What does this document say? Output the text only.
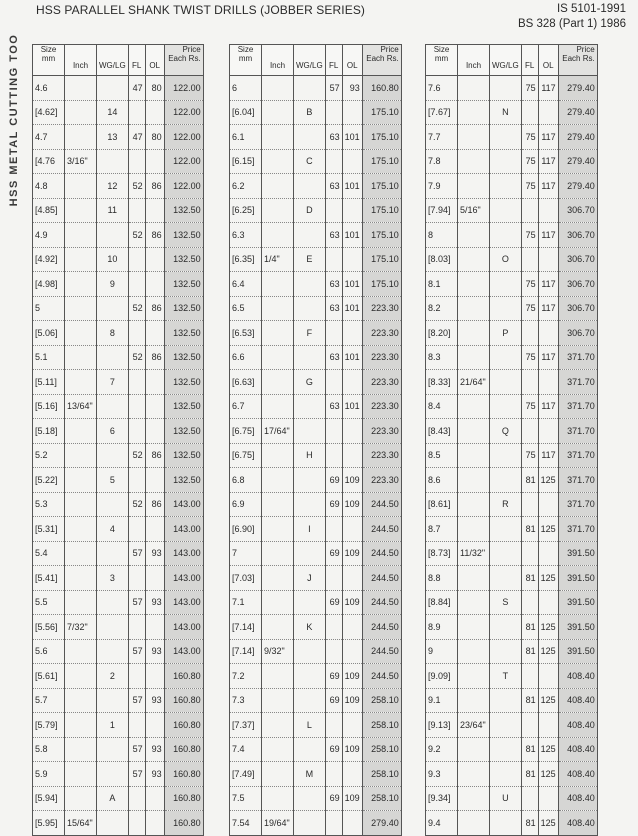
HSS METAL CUTTING TOO
HSS PARALLEL SHANK TWIST DRILLS (JOBBER SERIES)	IS 5101-1991
BS 328 (Part 1) 1986
Size
mm	Inch	WG/LG	FL	OL	Price
Each Rs.

4.6			47	80	122.00
[4.62]		14			122.00
4.7		13	47	80	122.00
[4.76	3/16"				122.00
4.8		12	52	86	122.00
[4.85]		11			132.50
4.9			52	86	132.50
[4.92]		10			132.50
[4.98]		9			132.50
5			52	86	132.50
[5.06]		8			132.50
5.1			52	86	132.50
[5.11]		7			132.50
[5.16]	13/64"				132.50
[5.18]		6			132.50
5.2			52	86	132.50
[5.22]		5			132.50
5.3			52	86	143.00
[5.31]		4			143.00
5.4			57	93	143.00
[5.41]		3			143.00
5.5			57	93	143.00
[5.56]	7/32"				143.00
5.6			57	93	143.00
[5.61]		2			160.80
5.7			57	93	160.80
[5.79]		1			160.80
5.8			57	93	160.80
5.9			57	93	160.80
[5.94]		A			160.80
[5.95]	15/64"				160.80
Size
mm	Inch	WG/LG	FL	OL	Price
Each Rs.

6			57	93	160.80
[6.04]		B			175.10
6.1			63	101	175.10
[6.15]		C			175.10
6.2			63	101	175.10
[6.25]		D			175.10
6.3			63	101	175.10
[6.35]	1/4"	E			175.10
6.4			63	101	175.10
6.5			63	101	223.30
[6.53]		F			223.30
6.6			63	101	223.30
[6.63]		G			223.30
6.7			63	101	223.30
[6.75]	17/64"				223.30
[6.75]		H			223.30
6.8			69	109	223.30
6.9			69	109	244.50
[6.90]		I			244.50
7			69	109	244.50
[7.03]		J			244.50
7.1			69	109	244.50
[7.14]		K			244.50
[7.14]	9/32"				244.50
7.2			69	109	244.50
7.3			69	109	258.10
[7.37]		L			258.10
7.4			69	109	258.10
[7.49]		M			258.10
7.5			69	109	258.10
7.54	19/64"				279.40
Size
mm	Inch	WG/LG	FL	OL	Price
Each Rs.

7.6			75	117	279.40
[7.67]		N			279.40
7.7			75	117	279.40
7.8			75	117	279.40
7.9			75	117	279.40
[7.94]	5/16"				306.70
8			75	117	306.70
[8.03]		O			306.70
8.1			75	117	306.70
8.2			75	117	306.70
[8.20]		P			306.70
8.3			75	117	371.70
[8.33]	21/64"				371.70
8.4			75	117	371.70
[8.43]		Q			371.70
8.5			75	117	371.70
8.6			81	125	371.70
[8.61]		R			371.70
8.7			81	125	371.70
[8.73]	11/32"				391.50
8.8			81	125	391.50
[8.84]		S			391.50
8.9			81	125	391.50
9			81	125	391.50
[9.09]		T			408.40
9.1			81	125	408.40
[9.13]	23/64"				408.40
9.2			81	125	408.40
9.3			81	125	408.40
[9.34]		U			408.40
9.4			81	125	408.40
